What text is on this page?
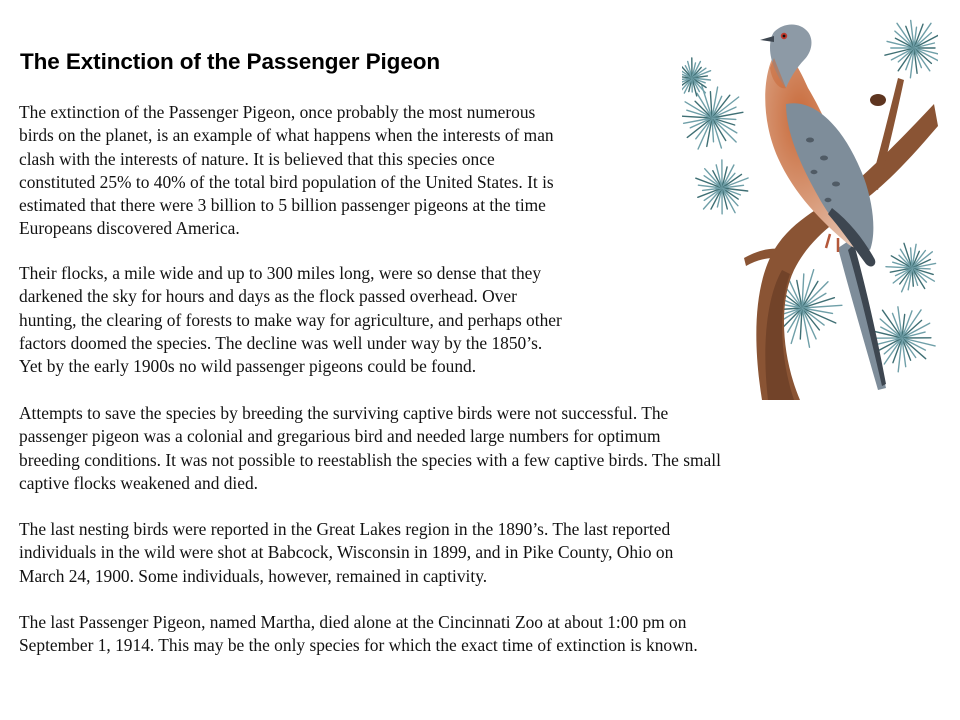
The Extinction of the Passenger Pigeon

The extinction of the Passenger Pigeon, once probably the most numerous
birds on the planet, is an example of what happens when the interests of man
clash with the interests of nature. It is believed that this species once
constituted 25% to 40% of the total bird population of the United States. It is
estimated that there were 3 billion to 5 billion passenger pigeons at the time
Europeans discovered America.

Their flocks, a mile wide and up to 300 miles long, were so dense that they
darkened the sky for hours and days as the flock passed overhead. Over
hunting, the clearing of forests to make way for agriculture, and perhaps other
factors doomed the species. The decline was well under way by the 1850’s.
Yet by the early 1900s no wild passenger pigeons could be found.

Attempts to save the species by breeding the surviving captive birds were not successful. The
passenger pigeon was a colonial and gregarious bird and needed large numbers for optimum
breeding conditions. It was not possible to reestablish the species with a few captive birds. The small
captive flocks weakened and died.

The last nesting birds were reported in the Great Lakes region in the 1890’s. The last reported
individuals in the wild were shot at Babcock, Wisconsin in 1899, and in Pike County, Ohio on
March 24, 1900. Some individuals, however, remained in captivity.

The last Passenger Pigeon, named Martha, died alone at the Cincinnati Zoo at about 1:00 pm on
September 1, 1914. This may be the only species for which the exact time of extinction is known.
